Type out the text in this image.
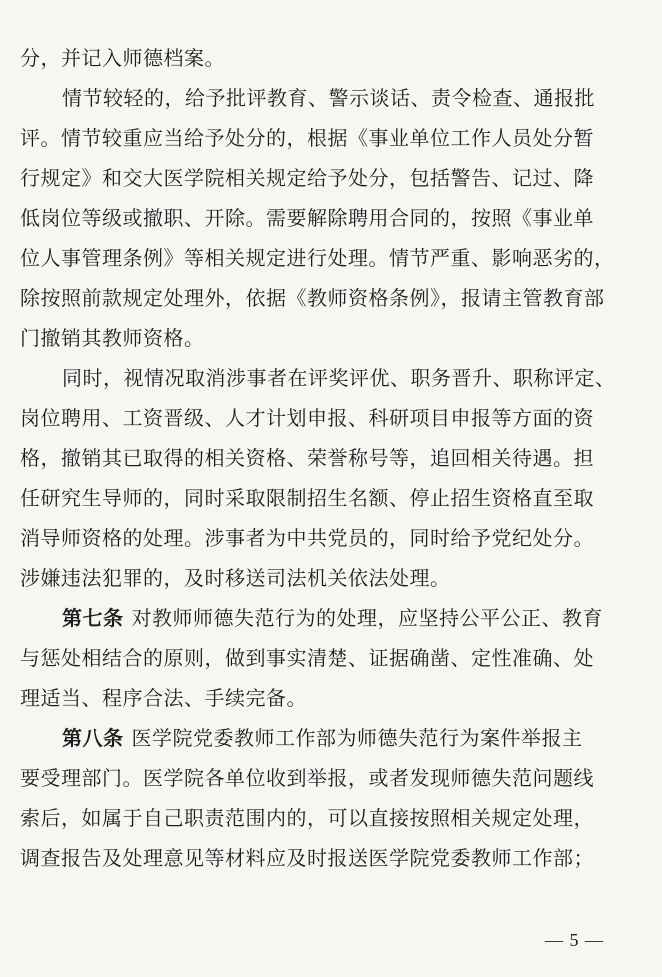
分，并记入师德档案。
情节较轻的，给予批评教育、警示谈话、责令检查、通报批
评。情节较重应当给予处分的，根据《事业单位工作人员处分暂
行规定》和交大医学院相关规定给予处分，包括警告、记过、降
低岗位等级或撤职、开除。需要解除聘用合同的，按照《事业单
位人事管理条例》等相关规定进行处理。情节严重、影响恶劣的，
除按照前款规定处理外，依据《教师资格条例》，报请主管教育部
门撤销其教师资格。
同时，视情况取消涉事者在评奖评优、职务晋升、职称评定、
岗位聘用、工资晋级、人才计划申报、科研项目申报等方面的资
格，撤销其已取得的相关资格、荣誉称号等，追回相关待遇。担
任研究生导师的，同时采取限制招生名额、停止招生资格直至取
消导师资格的处理。涉事者为中共党员的，同时给予党纪处分。
涉嫌违法犯罪的，及时移送司法机关依法处理。
第七条 对教师师德失范行为的处理，应坚持公平公正、教育
与惩处相结合的原则，做到事实清楚、证据确凿、定性准确、处
理适当、程序合法、手续完备。
第八条 医学院党委教师工作部为师德失范行为案件举报主
要受理部门。医学院各单位收到举报，或者发现师德失范问题线
索后，如属于自己职责范围内的，可以直接按照相关规定处理，
调查报告及处理意见等材料应及时报送医学院党委教师工作部；
— 5 —
